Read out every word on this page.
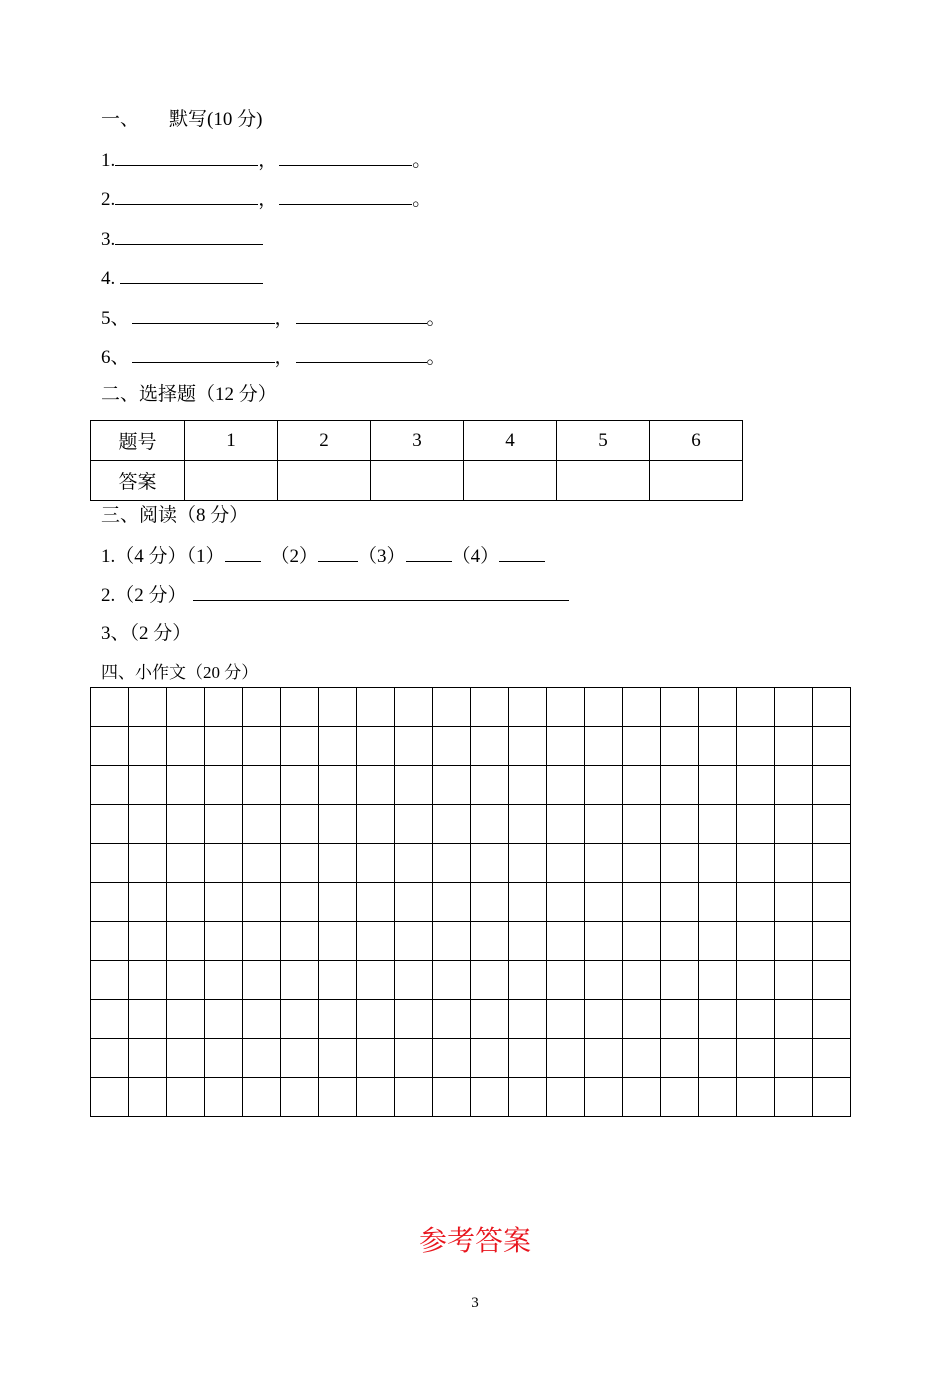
一、 默写(10 分)
1.	，	。
2.	，	。
3.
4.
5、	，	。
6、	，	。
二、选择题（12 分）
题号	1	2	3	4	5	6
答案						
三、阅读（8 分）
1.（4 分）（1） （2） （3） （4）
2.（2 分）
3、（2 分）
四、小作文（20 分）

参考答案
3
